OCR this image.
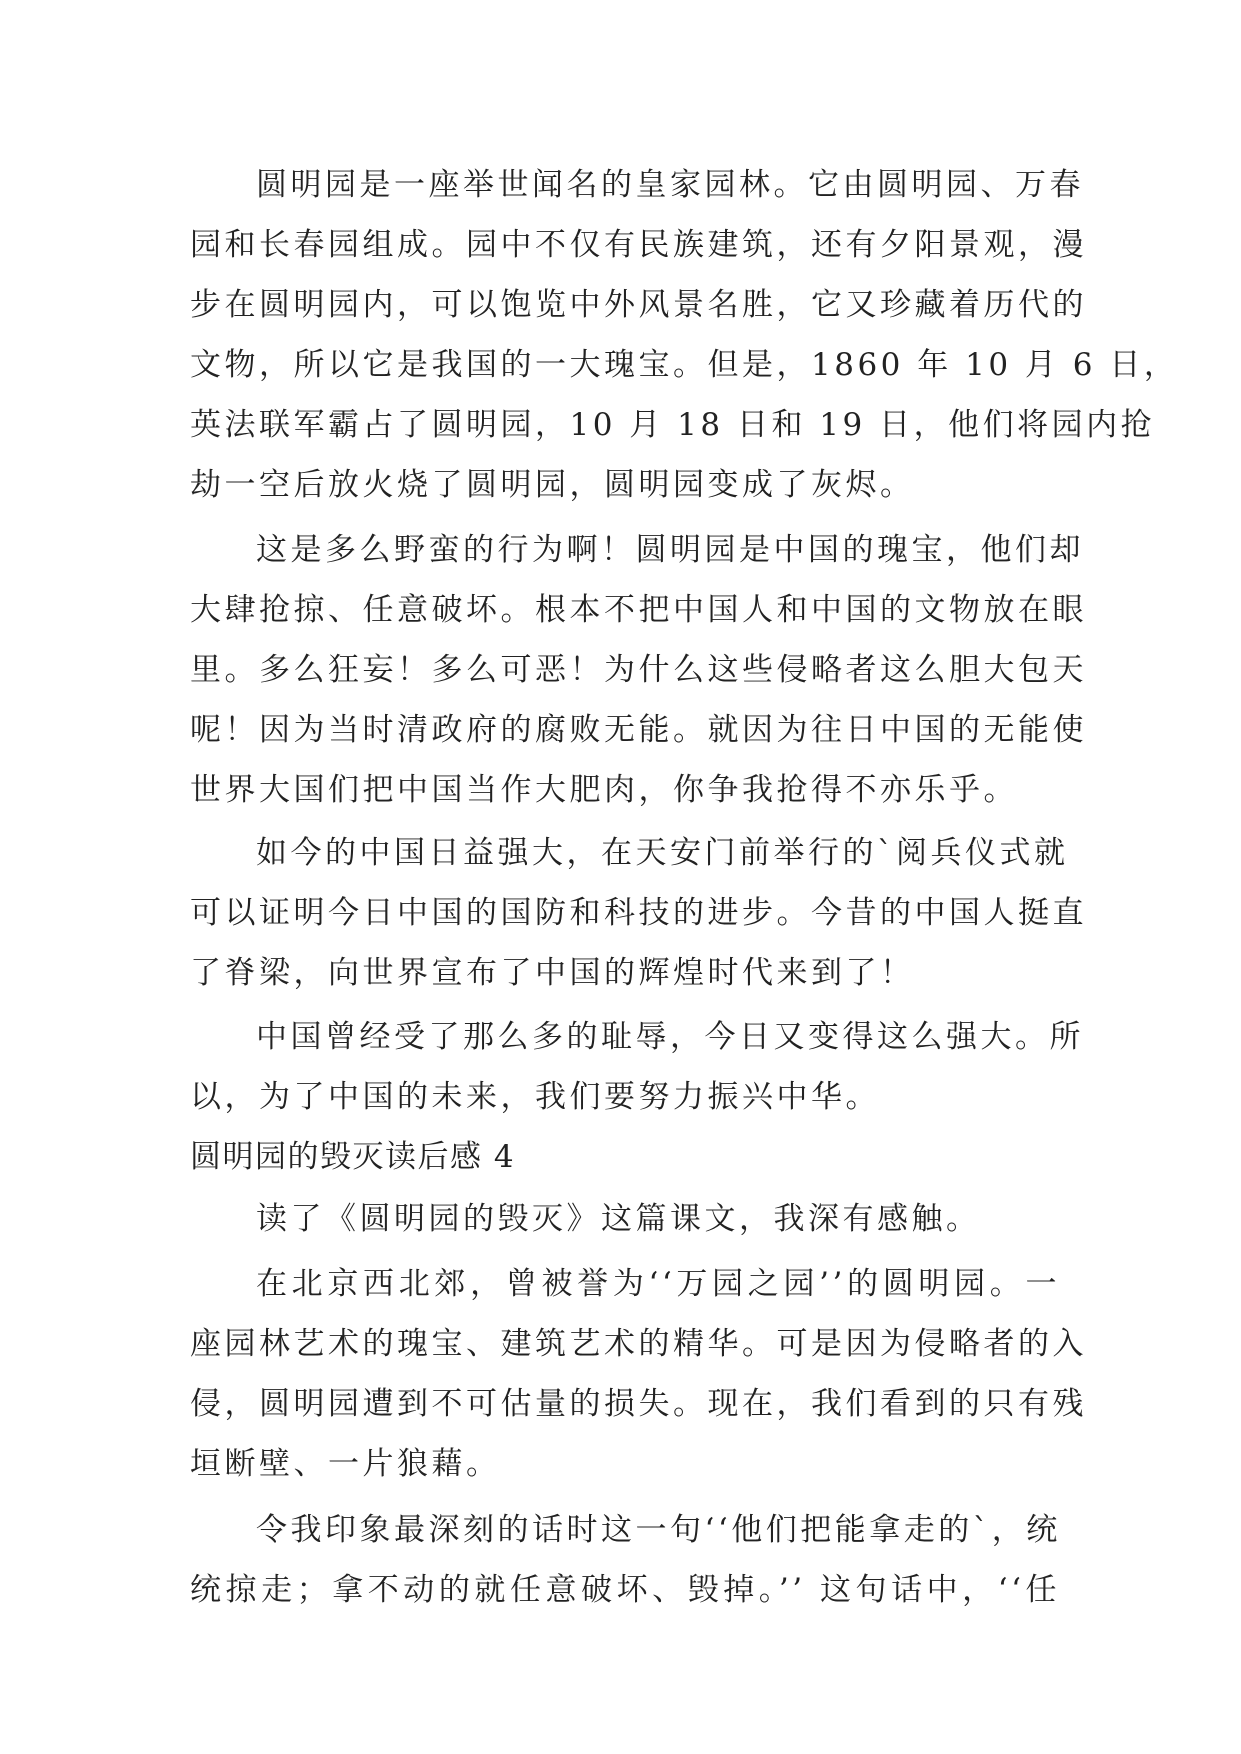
圆明园是一座举世闻名的皇家园林。它由圆明园、万春
园和长春园组成。园中不仅有民族建筑，还有夕阳景观，漫
步在圆明园内，可以饱览中外风景名胜，它又珍藏着历代的
文物，所以它是我国的一大瑰宝。但是，1860 年 10 月 6 日，
英法联军霸占了圆明园，10 月 18 日和 19 日，他们将园内抢
劫一空后放火烧了圆明园，圆明园变成了灰烬。
这是多么野蛮的行为啊！圆明园是中国的瑰宝，他们却
大肆抢掠、任意破坏。根本不把中国人和中国的文物放在眼
里。多么狂妄！多么可恶！为什么这些侵略者这么胆大包天
呢！因为当时清政府的腐败无能。就因为往日中国的无能使
世界大国们把中国当作大肥肉，你争我抢得不亦乐乎。
如今的中国日益强大，在天安门前举行的`阅兵仪式就
可以证明今日中国的国防和科技的进步。今昔的中国人挺直
了脊梁，向世界宣布了中国的辉煌时代来到了！
中国曾经受了那么多的耻辱，今日又变得这么强大。所
以，为了中国的未来，我们要努力振兴中华。
圆明园的毁灭读后感 4
读了《圆明园的毁灭》这篇课文，我深有感触。
在北京西北郊，曾被誉为‘‘万园之园’’的圆明园。一
座园林艺术的瑰宝、建筑艺术的精华。可是因为侵略者的入
侵，圆明园遭到不可估量的损失。现在，我们看到的只有残
垣断壁、一片狼藉。
令我印象最深刻的话时这一句‘‘他们把能拿走的`，统
统掠走；拿不动的就任意破坏、毁掉。’’ 这句话中，‘‘任
